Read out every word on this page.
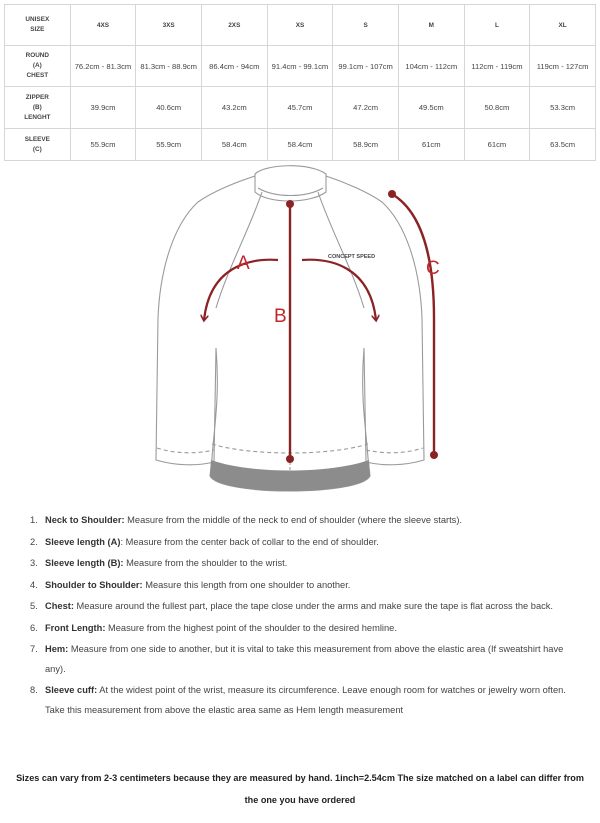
UNISEX
SIZE	4XS	3XS	2XS	XS	S	M	L	XL

ROUND
(A)
CHEST	76.2cm - 81.3cm	81.3cm - 88.9cm	86.4cm - 94cm	91.4cm - 99.1cm	99.1cm - 107cm	104cm - 112cm	112cm - 119cm	119cm - 127cm

ZIPPER
(B)
LENGHT	39.9cm	40.6cm	43.2cm	45.7cm	47.2cm	49.5cm	50.8cm	53.3cm

SLEEVE
(C)	55.9cm	55.9cm	58.4cm	58.4cm	58.9cm	61cm	61cm	63.5cm
CONCEPT SPEED
A
B
C
1. Neck to Shoulder: Measure from the middle of the neck to end of shoulder (where the sleeve starts).
2. Sleeve length (A): Measure from the center back of collar to the end of shoulder.
3. Sleeve length (B): Measure from the shoulder to the wrist.
4. Shoulder to Shoulder: Measure this length from one shoulder to another.
5. Chest: Measure around the fullest part, place the tape close under the arms and make sure the tape is flat across the back.
6. Front Length: Measure from the highest point of the shoulder to the desired hemline.
7. Hem: Measure from one side to another, but it is vital to take this measurement from above the elastic area (If sweatshirt have any).
8. Sleeve cuff: At the widest point of the wrist, measure its circumference. Leave enough room for watches or jewelry worn often. Take this measurement from above the elastic area same as Hem length measurement
Sizes can vary from 2-3 centimeters because they are measured by hand. 1inch=2.54cm The size matched on a label can differ from the one you have ordered
